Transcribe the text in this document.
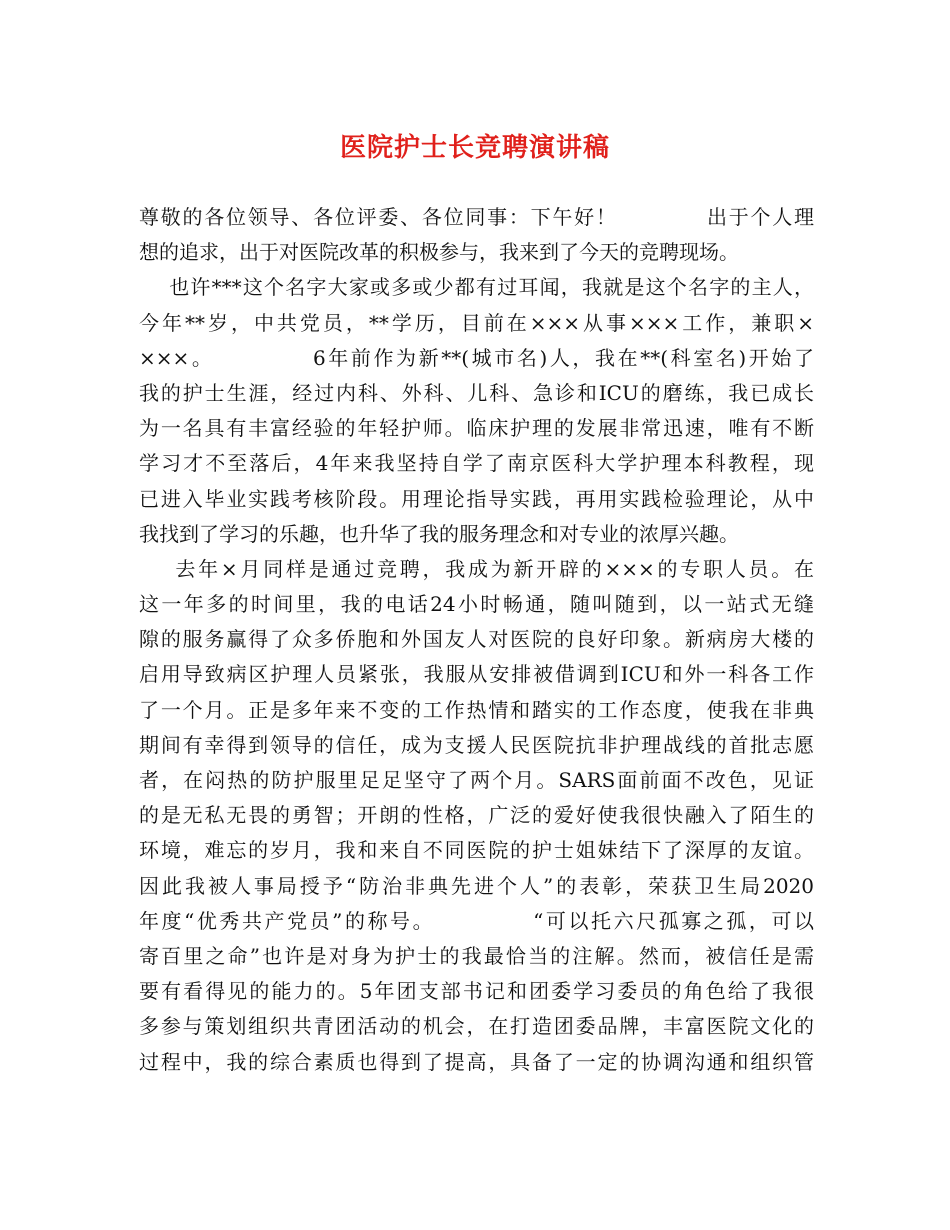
医院护士长竞聘演讲稿
尊敬的各位领导、各位评委、各位同事：下午好！           出于个人理
想的追求，出于对医院改革的积极参与，我来到了今天的竞聘现场。
也许***这个名字大家或多或少都有过耳闻，我就是这个名字的主人，
今年**岁，中共党员，**学历，目前在×××从事×××工作，兼职×
×××。           6年前作为新**(城市名)人，我在**(科室名)开始了
我的护士生涯，经过内科、外科、儿科、急诊和ICU的磨练，我已成长
为一名具有丰富经验的年轻护师。临床护理的发展非常迅速，唯有不断
学习才不至落后，4年来我坚持自学了南京医科大学护理本科教程，现
已进入毕业实践考核阶段。用理论指导实践，再用实践检验理论，从中
我找到了学习的乐趣，也升华了我的服务理念和对专业的浓厚兴趣。
去年×月同样是通过竞聘，我成为新开辟的×××的专职人员。在
这一年多的时间里，我的电话24小时畅通，随叫随到，以一站式无缝
隙的服务赢得了众多侨胞和外国友人对医院的良好印象。新病房大楼的
启用导致病区护理人员紧张，我服从安排被借调到ICU和外一科各工作
了一个月。正是多年来不变的工作热情和踏实的工作态度，使我在非典
期间有幸得到领导的信任，成为支援人民医院抗非护理战线的首批志愿
者，在闷热的防护服里足足坚守了两个月。SARS面前面不改色，见证
的是无私无畏的勇智；开朗的性格，广泛的爱好使我很快融入了陌生的
环境，难忘的岁月，我和来自不同医院的护士姐妹结下了深厚的友谊。
因此我被人事局授予“防治非典先进个人”的表彰，荣获卫生局2020
年度“优秀共产党员”的称号。           “可以托六尺孤寡之孤，可以
寄百里之命”也许是对身为护士的我最恰当的注解。然而，被信任是需
要有看得见的能力的。5年团支部书记和团委学习委员的角色给了我很
多参与策划组织共青团活动的机会，在打造团委品牌，丰富医院文化的
过程中，我的综合素质也得到了提高，具备了一定的协调沟通和组织管
